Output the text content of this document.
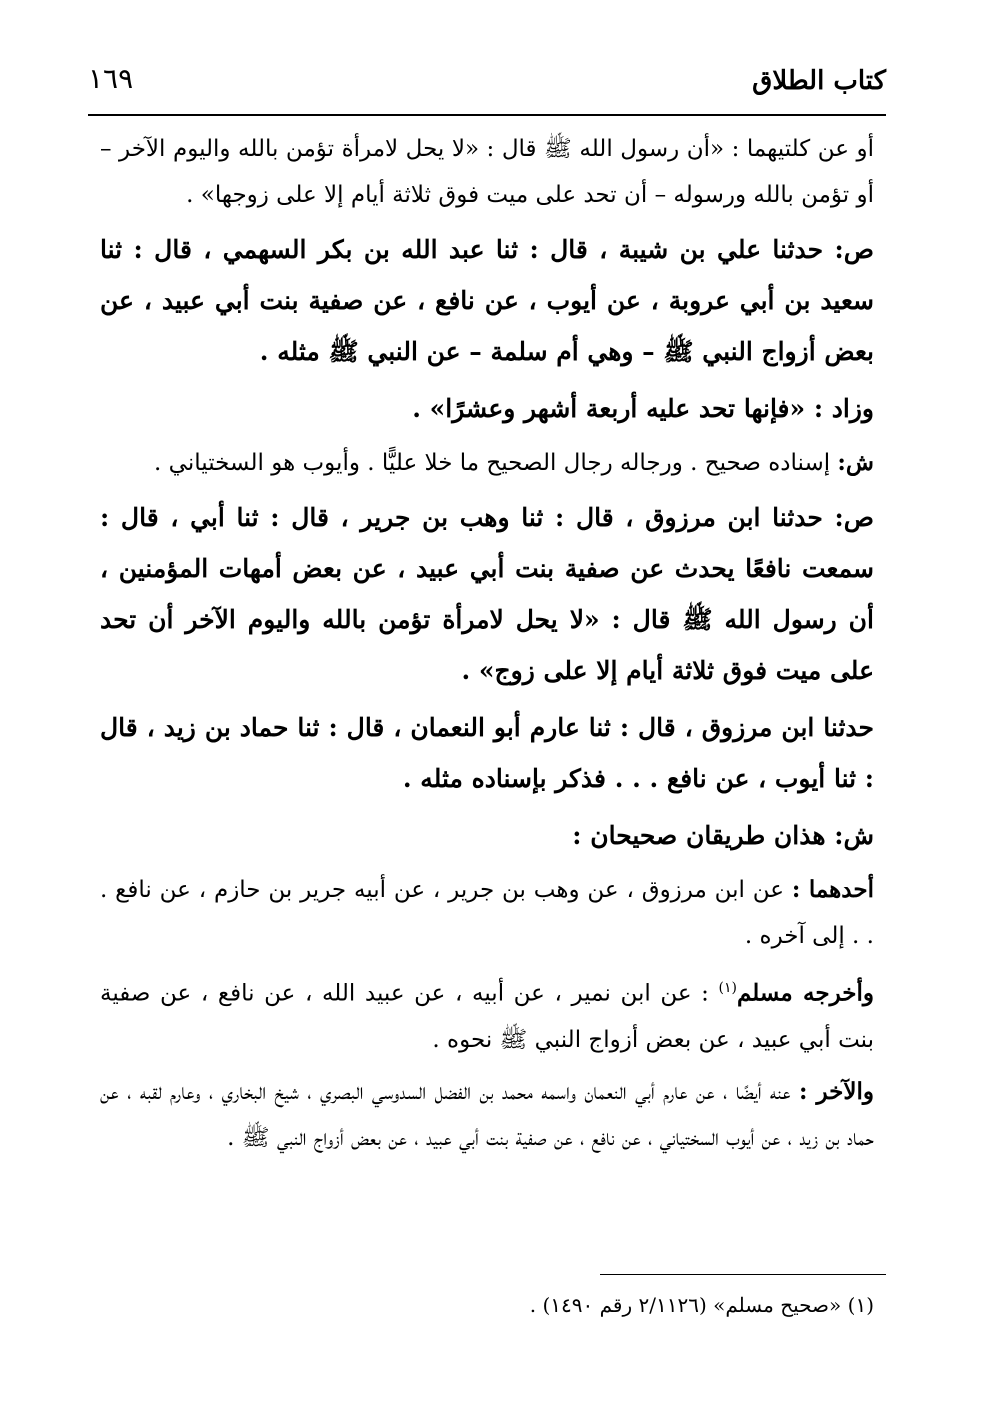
كتاب الطلاق
١٦٩

أو عن كلتيهما : «أن رسول الله ﷺ قال : «لا يحل لامرأة تؤمن بالله واليوم الآخر – أو تؤمن بالله ورسوله – أن تحد على ميت فوق ثلاثة أيام إلا على زوجها» .

ص: حدثنا علي بن شيبة ، قال : ثنا عبد الله بن بكر السهمي ، قال : ثنا سعيد بن أبي عروبة ، عن أيوب ، عن نافع ، عن صفية بنت أبي عبيد ، عن بعض أزواج النبي ﷺ – وهي أم سلمة – عن النبي ﷺ مثله .

وزاد : «فإنها تحد عليه أربعة أشهر وعشرًا» .

ش: إسناده صحيح . ورجاله رجال الصحيح ما خلا عليًّا . وأيوب هو السختياني .

ص: حدثنا ابن مرزوق ، قال : ثنا وهب بن جرير ، قال : ثنا أبي ، قال : سمعت نافعًا يحدث عن صفية بنت أبي عبيد ، عن بعض أمهات المؤمنين ، أن رسول الله ﷺ قال : «لا يحل لامرأة تؤمن بالله واليوم الآخر أن تحد على ميت فوق ثلاثة أيام إلا على زوج» .

حدثنا ابن مرزوق ، قال : ثنا عارم أبو النعمان ، قال : ثنا حماد بن زيد ، قال : ثنا أيوب ، عن نافع . . . فذكر بإسناده مثله .

ش: هذان طريقان صحيحان :

أحدهما : عن ابن مرزوق ، عن وهب بن جرير ، عن أبيه جرير بن حازم ، عن نافع . . . إلى آخره .

وأخرجه مسلم$^{(١)}$ : عن ابن نمير ، عن أبيه ، عن عبيد الله ، عن نافع ، عن صفية بنت أبي عبيد ، عن بعض أزواج النبي ﷺ نحوه .

والآخر : عنه أيضًا ، عن عارم أبي النعمان واسمه محمد بن الفضل السدوسي البصري ، شيخ البخاري ، وعارم لقبه ، عن حماد بن زيد ، عن أيوب السختياني ، عن نافع ، عن صفية بنت أبي عبيد ، عن بعض أزواج النبي ﷺ .

(١) «صحيح مسلم» (٢/١١٢٦ رقم ١٤٩٠) .
